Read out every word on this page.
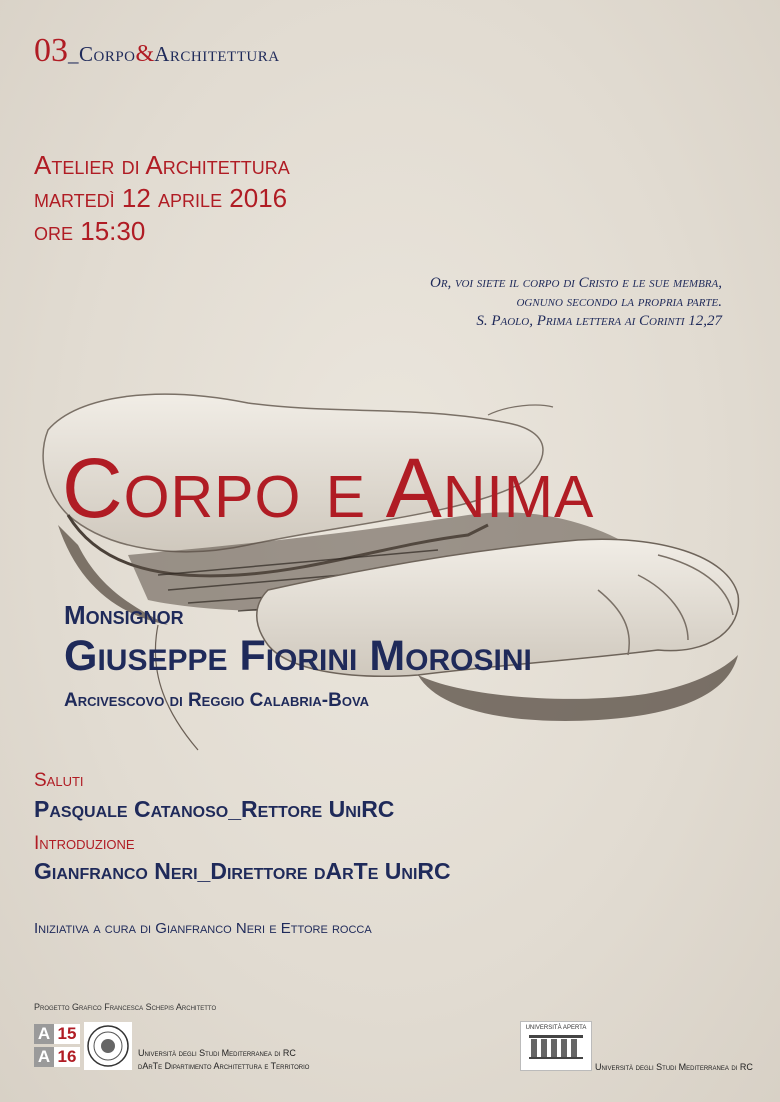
03_Corpo&Architettura
Atelier di Architettura
martedì 12 aprile 2016
ore 15:30
Or, voi siete il corpo di Cristo e le sue membra,
ognuno secondo la propria parte.
S. Paolo, Prima lettera ai Corinti 12,27
Corpo e Anima
Monsignor
Giuseppe Fiorini Morosini
Arcivescovo di Reggio Calabria-Bova
Saluti
Pasquale Catanoso_Rettore UniRC
Introduzione
Gianfranco Neri_Direttore dArTe UniRC
Iniziativa a cura di Gianfranco Neri e Ettore rocca
Progetto Grafico Francesca Schepis Architetto
A 15
A 16	Università degli Studi Mediterranea di RC
dArTe Dipartimento Architettura e Territorio
UNIVERSITÀ APERTA
Università degli Studi Mediterranea di RC
